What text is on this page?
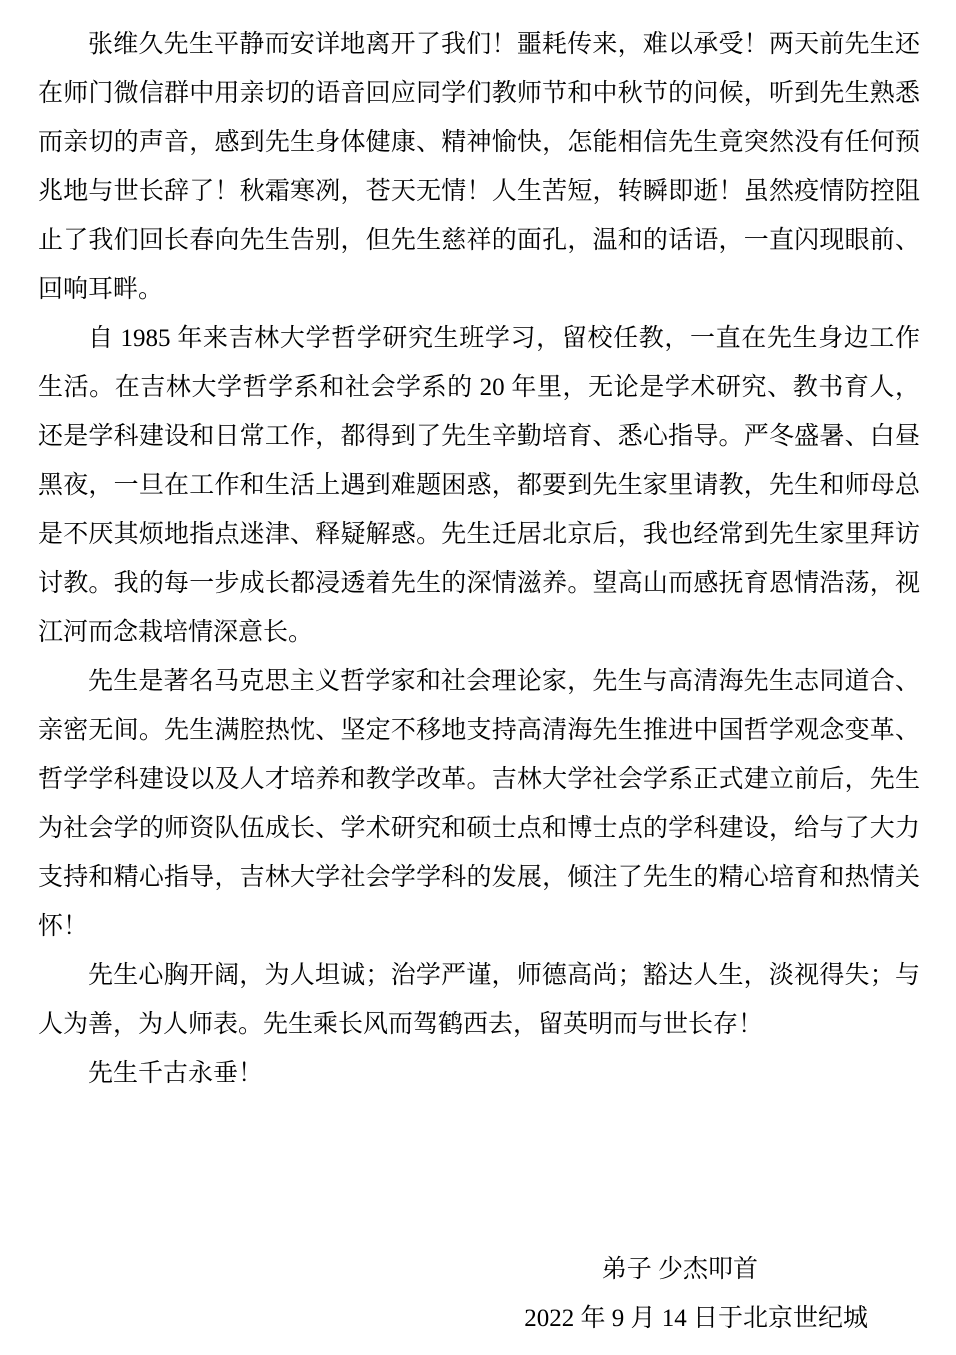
张维久先生平静而安详地离开了我们！噩耗传来，难以承受！两天前先生还
在师门微信群中用亲切的语音回应同学们教师节和中秋节的问候，听到先生熟悉
而亲切的声音，感到先生身体健康、精神愉快，怎能相信先生竟突然没有任何预
兆地与世长辞了！秋霜寒冽，苍天无情！人生苦短，转瞬即逝！虽然疫情防控阻
止了我们回长春向先生告别，但先生慈祥的面孔，温和的话语，一直闪现眼前、
回响耳畔。
自 1985 年来吉林大学哲学研究生班学习，留校任教，一直在先生身边工作
生活。在吉林大学哲学系和社会学系的 20 年里，无论是学术研究、教书育人，
还是学科建设和日常工作，都得到了先生辛勤培育、悉心指导。严冬盛暑、白昼
黑夜，一旦在工作和生活上遇到难题困惑，都要到先生家里请教，先生和师母总
是不厌其烦地指点迷津、释疑解惑。先生迁居北京后，我也经常到先生家里拜访
讨教。我的每一步成长都浸透着先生的深情滋养。望高山而感抚育恩情浩荡，视
江河而念栽培情深意长。
先生是著名马克思主义哲学家和社会理论家，先生与高清海先生志同道合、
亲密无间。先生满腔热忱、坚定不移地支持高清海先生推进中国哲学观念变革、
哲学学科建设以及人才培养和教学改革。吉林大学社会学系正式建立前后，先生
为社会学的师资队伍成长、学术研究和硕士点和博士点的学科建设，给与了大力
支持和精心指导，吉林大学社会学学科的发展，倾注了先生的精心培育和热情关
怀！
先生心胸开阔，为人坦诚；治学严谨，师德高尚；豁达人生，淡视得失；与
人为善，为人师表。先生乘长风而驾鹤西去，留英明而与世长存！
先生千古永垂！
弟子 少杰叩首
2022 年 9 月 14 日于北京世纪城
